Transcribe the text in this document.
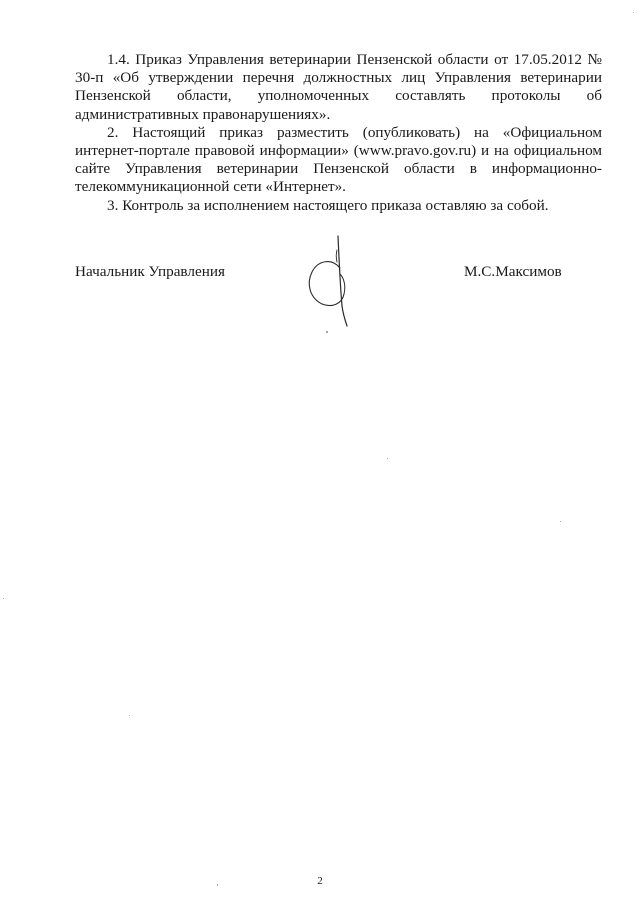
1.4. Приказ Управления ветеринарии Пензенской области от 17.05.2012 № 30-п «Об утверждении перечня должностных лиц Управления ветеринарии Пензенской области, уполномоченных составлять протоколы об административных правонарушениях».

2. Настоящий приказ разместить (опубликовать) на «Официальном интернет-портале правовой информации» (www.pravo.gov.ru) и на официальном сайте Управления ветеринарии Пензенской области в информационно-телекоммуникационной сети «Интернет».

3. Контроль за исполнением настоящего приказа оставляю за собой.

Начальник Управления	М.С.Максимов
2
